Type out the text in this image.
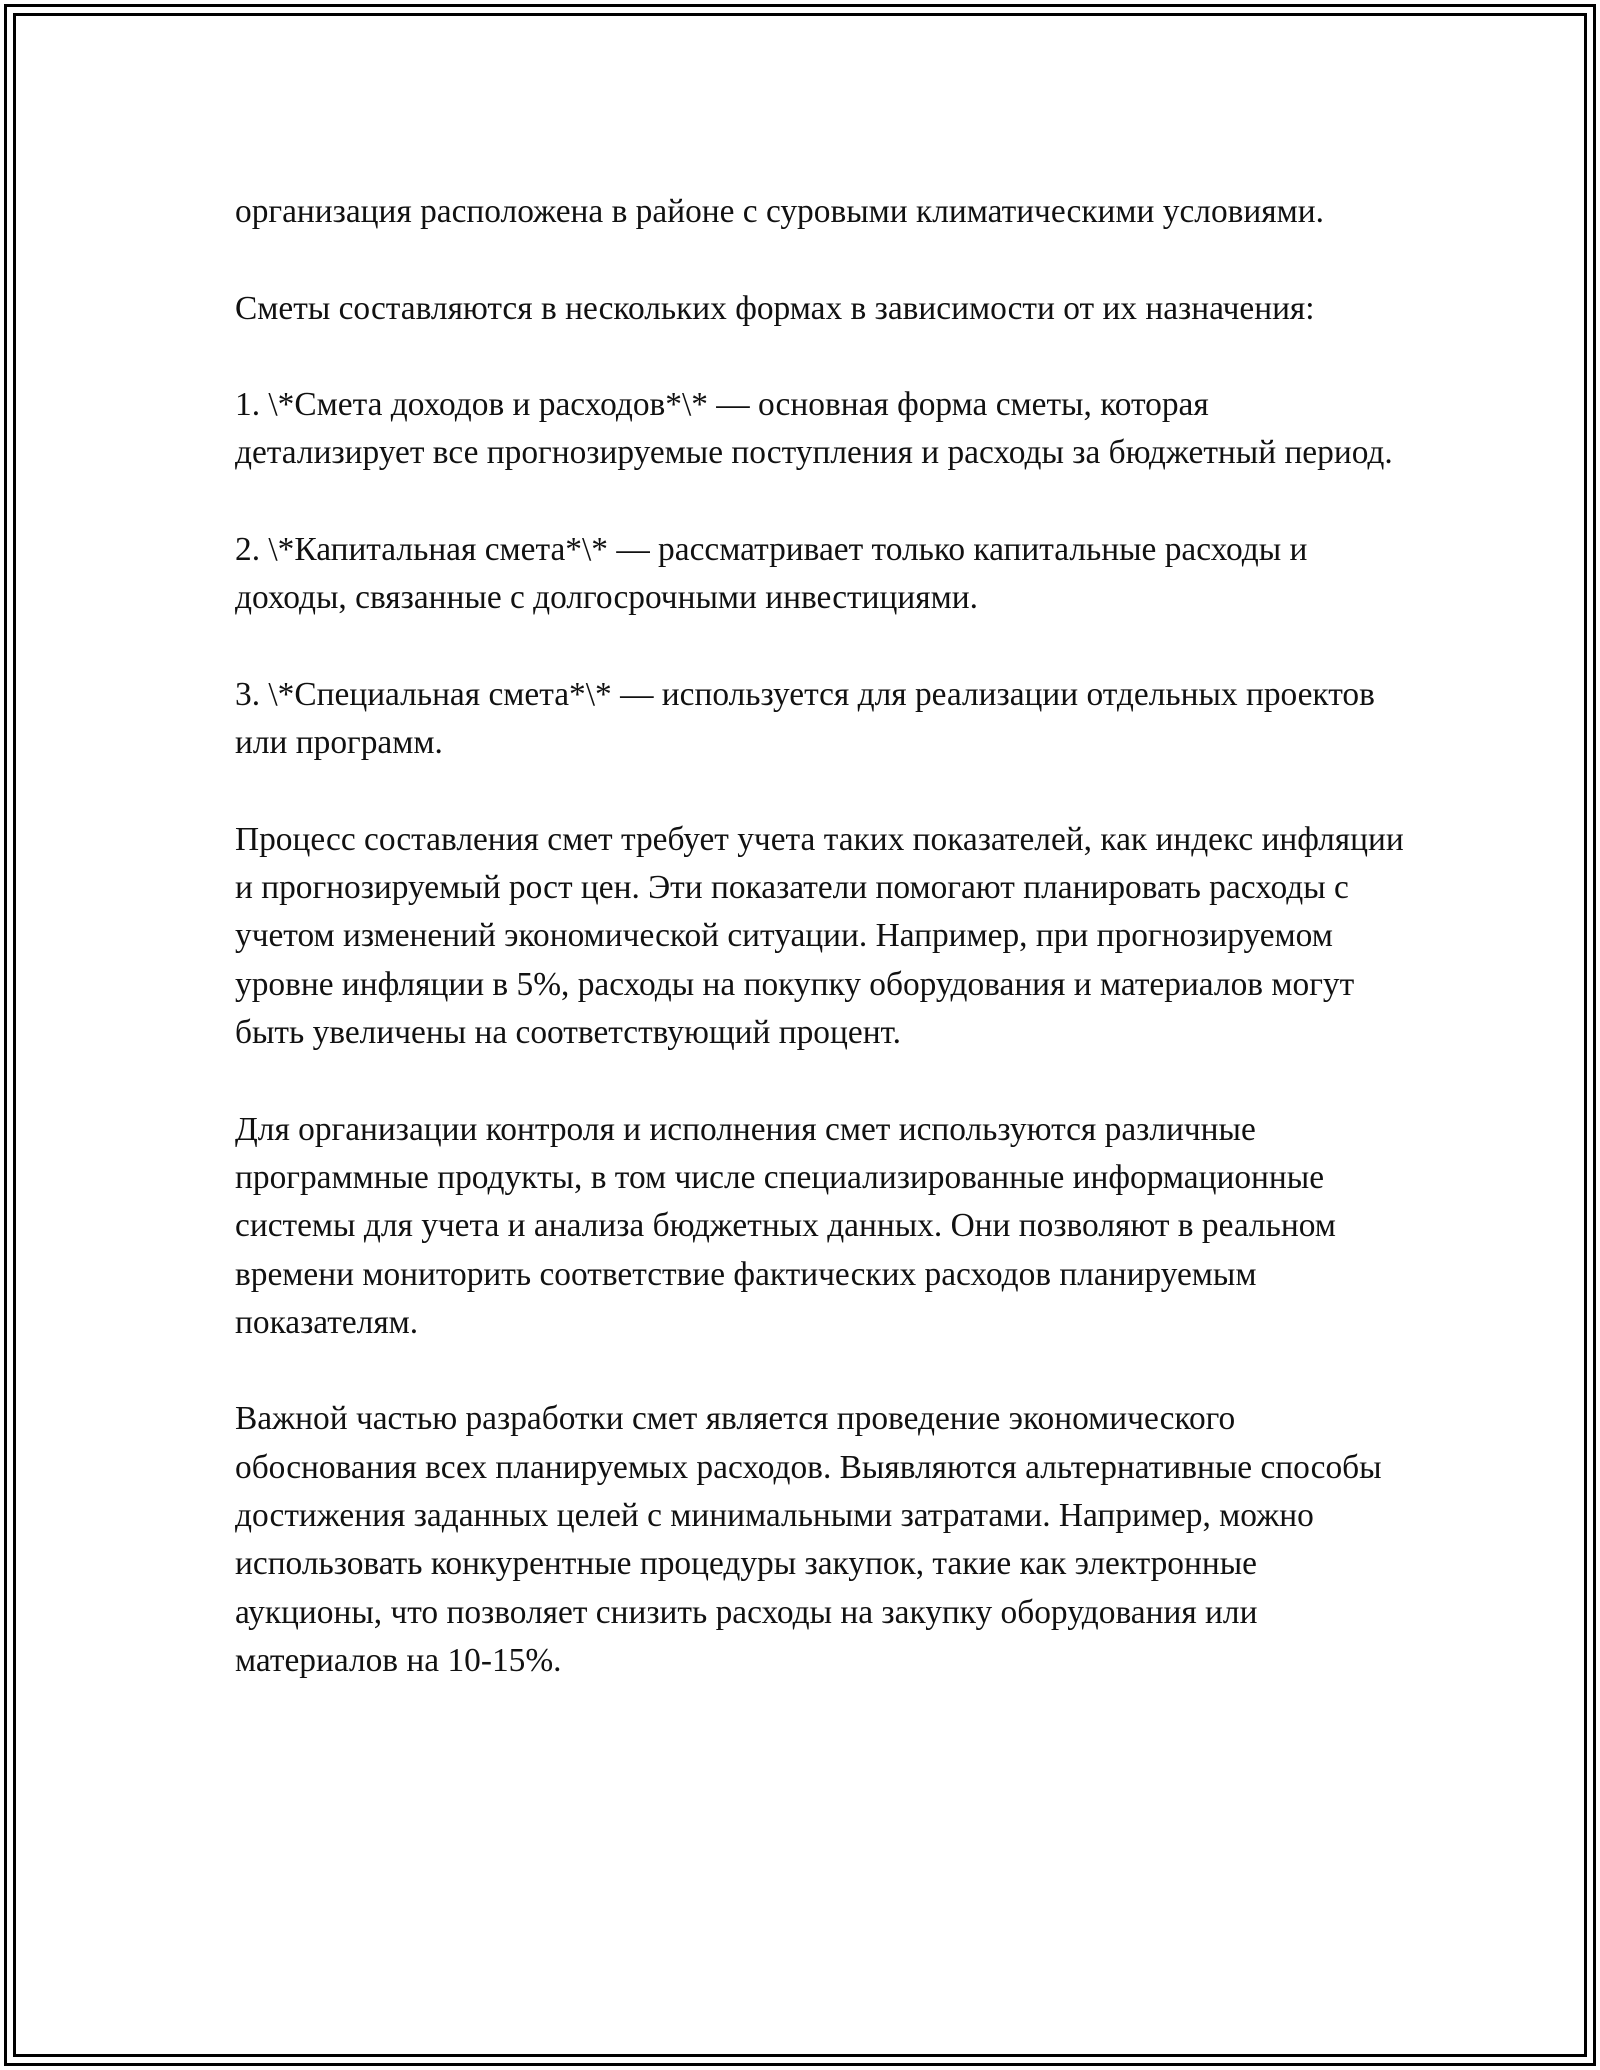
организация расположена в районе с суровыми климатическими условиями.

Сметы составляются в нескольких формах в зависимости от их назначения:

1. \*Смета доходов и расходов*\* — основная форма сметы, которая детализирует все прогнозируемые поступления и расходы за бюджетный период.

2. \*Капитальная смета*\* — рассматривает только капитальные расходы и доходы, связанные с долгосрочными инвестициями.

3. \*Специальная смета*\* — используется для реализации отдельных проектов или программ.

Процесс составления смет требует учета таких показателей, как индекс инфляции и прогнозируемый рост цен. Эти показатели помогают планировать расходы с учетом изменений экономической ситуации. Например, при прогнозируемом уровне инфляции в 5%, расходы на покупку оборудования и материалов могут быть увеличены на соответствующий процент.

Для организации контроля и исполнения смет используются различные программные продукты, в том числе специализированные информационные системы для учета и анализа бюджетных данных. Они позволяют в реальном времени мониторить соответствие фактических расходов планируемым показателям.

Важной частью разработки смет является проведение экономического обоснования всех планируемых расходов. Выявляются альтернативные способы достижения заданных целей с минимальными затратами. Например, можно использовать конкурентные процедуры закупок, такие как электронные аукционы, что позволяет снизить расходы на закупку оборудования или материалов на 10-15%.
